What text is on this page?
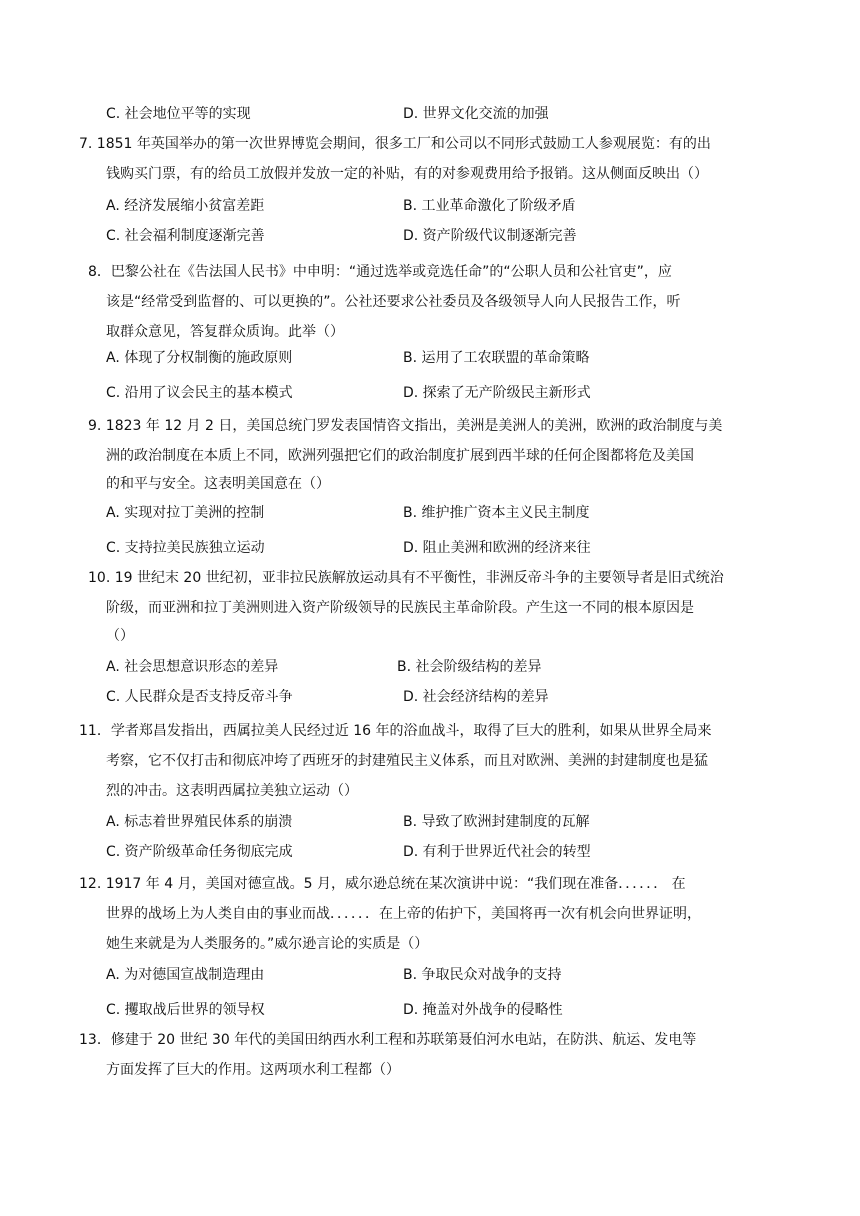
C. 社会地位平等的实现	D. 世界文化交流的加强
7. 1851 年英国举办的第一次世界博览会期间，很多工厂和公司以不同形式鼓励工人参观展览：有的出
钱购买门票，有的给员工放假并发放一定的补贴，有的对参观费用给予报销。这从侧面反映出（）
A. 经济发展缩小贫富差距	B. 工业革命激化了阶级矛盾
C. 社会福利制度逐渐完善	D. 资产阶级代议制逐渐完善
8．巴黎公社在《告法国人民书》中申明：“通过选举或竞选任命”的“公职人员和公社官吏”，应
该是“经常受到监督的、可以更换的”。公社还要求公社委员及各级领导人向人民报告工作，听
取群众意见，答复群众质询。此举（）
A. 体现了分权制衡的施政原则	B. 运用了工农联盟的革命策略
C. 沿用了议会民主的基本模式	D. 探索了无产阶级民主新形式
9. 1823 年 12 月 2 日，美国总统门罗发表国情咨文指出，美洲是美洲人的美洲，欧洲的政治制度与美
洲的政治制度在本质上不同，欧洲列强把它们的政治制度扩展到西半球的任何企图都将危及美国
的和平与安全。这表明美国意在（）
A. 实现对拉丁美洲的控制	B. 维护推广资本主义民主制度
C. 支持拉美民族独立运动	D. 阻止美洲和欧洲的经济来往
10. 19 世纪末 20 世纪初，亚非拉民族解放运动具有不平衡性，非洲反帝斗争的主要领导者是旧式统治
阶级，而亚洲和拉丁美洲则进入资产阶级领导的民族民主革命阶段。产生这一不同的根本原因是
（）
A. 社会思想意识形态的差异	B. 社会阶级结构的差异
C. 人民群众是否支持反帝斗争	D. 社会经济结构的差异
11．学者郑昌发指出，西属拉美人民经过近 16 年的浴血战斗，取得了巨大的胜利，如果从世界全局来
考察，它不仅打击和彻底冲垮了西班牙的封建殖民主义体系，而且对欧洲、美洲的封建制度也是猛
烈的冲击。这表明西属拉美独立运动（）
A. 标志着世界殖民体系的崩溃	B. 导致了欧洲封建制度的瓦解
C. 资产阶级革命任务彻底完成	D. 有利于世界近代社会的转型
12. 1917 年 4 月，美国对德宣战。5 月，威尔逊总统在某次演讲中说：“我们现在准备．．．．．． 在
世界的战场上为人类自由的事业而战．．．．．．在上帝的佑护下，美国将再一次有机会向世界证明，
她生来就是为人类服务的。”威尔逊言论的实质是（）
A. 为对德国宣战制造理由	B. 争取民众对战争的支持
C. 攫取战后世界的领导权	D. 掩盖对外战争的侵略性
13．修建于 20 世纪 30 年代的美国田纳西水利工程和苏联第聂伯河水电站，在防洪、航运、发电等
方面发挥了巨大的作用。这两项水利工程都（）
